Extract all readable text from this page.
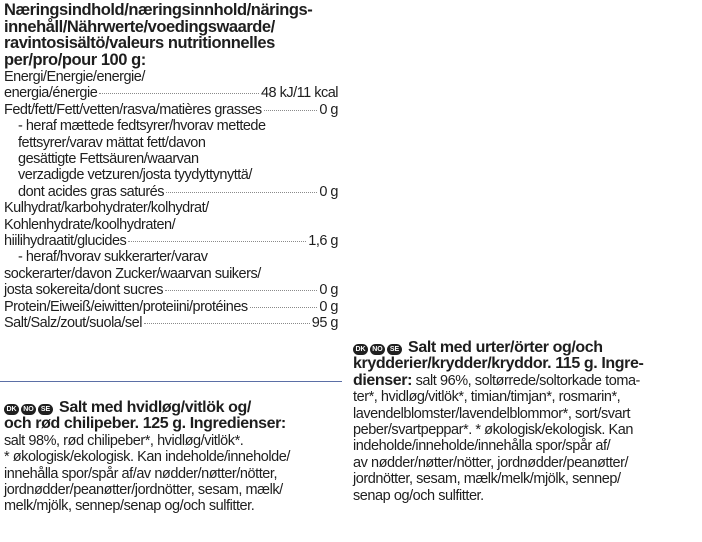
Næringsindhold/næringsinnhold/närings-
innehåll/Nährwerte/voedingswaarde/
ravintosisältö/valeurs nutritionnelles
per/pro/pour 100 g:
Energi/Energie/energie/
energia/énergie	48 kJ/11 kcal
Fedt/fett/Fett/vetten/rasva/matières grasses	0 g
- heraf mættede fedtsyrer/hvorav mettede
fettsyrer/varav mättat fett/davon
gesättigte Fettsäuren/waarvan
verzadigde vetzuren/josta tyydyttynyttä/
dont acides gras saturés	0 g
Kulhydrat/karbohydrater/kolhydrat/
Kohlenhydrate/koolhydraten/
hiilihydraatit/glucides	1,6 g
- heraf/hvorav sukkerarter/varav
sockerarter/davon Zucker/waarvan suikers/
josta sokereita/dont sucres	0 g
Protein/Eiweiß/eiwitten/proteiini/protéines	0 g
Salt/Salz/zout/suola/sel	95 g
DK NO SE Salt med hvidløg/vitlök og/
och rød chilipeber. 125 g. Ingredienser:
salt 98%, rød chilipeber*, hvidløg/vitlök*.
* økologisk/ekologisk. Kan indeholde/inneholde/
innehålla spor/spår af/av nødder/nøtter/nötter,
jordnødder/peanøtter/jordnötter, sesam, mælk/
melk/mjölk, sennep/senap og/och sulfitter.
DK NO SE Salt med urter/örter og/och
krydderier/krydder/kryddor. 115 g. Ingre-
dienser: salt 96%, soltørrede/soltorkade toma-
ter*, hvidløg/vitlök*, timian/timjan*, rosmarin*,
lavendelblomster/lavendelblommor*, sort/svart
peber/svartpeppar*. * økologisk/ekologisk. Kan
indeholde/inneholde/innehålla spor/spår af/
av nødder/nøtter/nötter, jordnødder/peanøtter/
jordnötter, sesam, mælk/melk/mjölk, sennep/
senap og/och sulfitter.
